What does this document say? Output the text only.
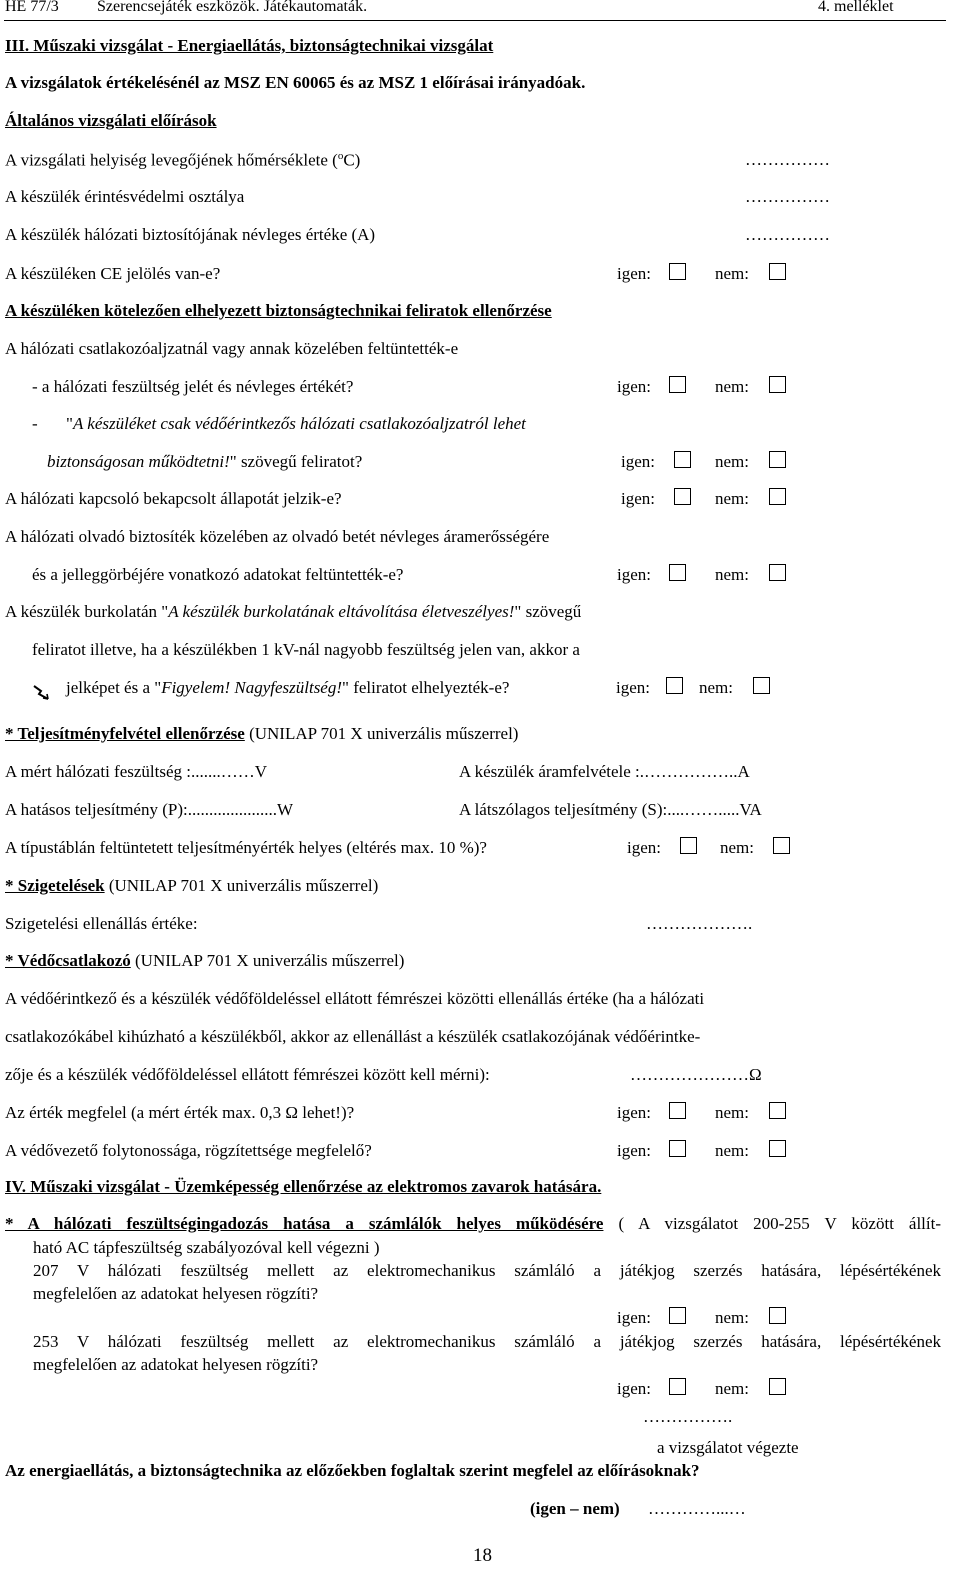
HE 77/3 Szerencsejáték eszközök. Játékautomaták.	4. melléklet
III. Műszaki vizsgálat - Energiaellátás, biztonságtechnikai vizsgálat
A vizsgálatok értékelésénél az MSZ EN 60065 és az MSZ 1 előírásai irányadóak.
Általános vizsgálati előírások
A vizsgálati helyiség levegőjének hőmérséklete ($^o$C)	……………
A készülék érintésvédelmi osztálya	……………
A készülék hálózati biztosítójának névleges értéke (A)	……………
A készüléken CE jelölés van-e?	igen:	nem:
A készüléken kötelezően elhelyezett biztonságtechnikai feliratok ellenőrzése
A hálózati csatlakozóaljzatnál vagy annak közelében feltüntették-e
- a hálózati feszültség jelét és névleges értékét?	igen:	nem:
- "A készüléket csak védőérintkezős hálózati csatlakozóaljzatról lehet
biztonságosan működtetni!" szövegű feliratot?	igen:	nem:
A hálózati kapcsoló bekapcsolt állapotát jelzik-e?	igen:	nem:
A hálózati olvadó biztosíték közelében az olvadó betét névleges áramerősségére
és a jelleggörbéjére vonatkozó adatokat feltüntették-e?	igen:	nem:
A készülék burkolatán "A készülék burkolatának eltávolítása életveszélyes!" szövegű
feliratot illetve, ha a készülékben 1 kV-nál nagyobb feszültség jelen van, akkor a
jelképet és a "Figyelem! Nagyfeszültség!" feliratot elhelyezték-e?	igen:	nem:
* Teljesítményfelvétel ellenőrzése (UNILAP 701 X univerzális műszerrel)
A mért hálózati feszültség :.......……V	A készülék áramfelvétele :.……………..A
A hatásos teljesítmény (P):.....................W	A látszólagos teljesítmény (S):....…….....VA
A típustáblán feltüntetett teljesítményérték helyes (eltérés max. 10 %)?	igen:	nem:
* Szigetelések (UNILAP 701 X univerzális műszerrel)
Szigetelési ellenállás értéke:	……………….
* Védőcsatlakozó (UNILAP 701 X univerzális műszerrel)
A védőérintkező és a készülék védőföldeléssel ellátott fémrészei közötti ellenállás értéke (ha a hálózati
csatlakozókábel kihúzható a készülékből, akkor az ellenállást a készülék csatlakozójának védőérintke-
zője és a készülék védőföldeléssel ellátott fémrészei között kell mérni):	…………………Ω
Az érték megfelel (a mért érték max. 0,3 Ω lehet!)?	igen:	nem:
A védővezető folytonossága, rögzítettsége megfelelő?	igen:	nem:
IV. Műszaki vizsgálat - Üzemképesség ellenőrzése az elektromos zavarok hatására.
* A hálózati feszültségingadozás hatása a számlálók helyes működésére ( A vizsgálatot 200-255 V között állít-
ható AC tápfeszültség szabályozóval kell végezni )
207 V hálózati feszültség mellett az elektromechanikus számláló a játékjog szerzés hatására, lépésértékének
megfelelően az adatokat helyesen rögzíti?
igen:	nem:
253 V hálózati feszültség mellett az elektromechanikus számláló a játékjog szerzés hatására, lépésértékének
megfelelően az adatokat helyesen rögzíti?
igen:	nem:
…………….
a vizsgálatot végezte
Az energiaellátás, a biztonságtechnika az előzőekben foglaltak szerint megfelel az előírásoknak?
(igen – nem) …………...…
18
